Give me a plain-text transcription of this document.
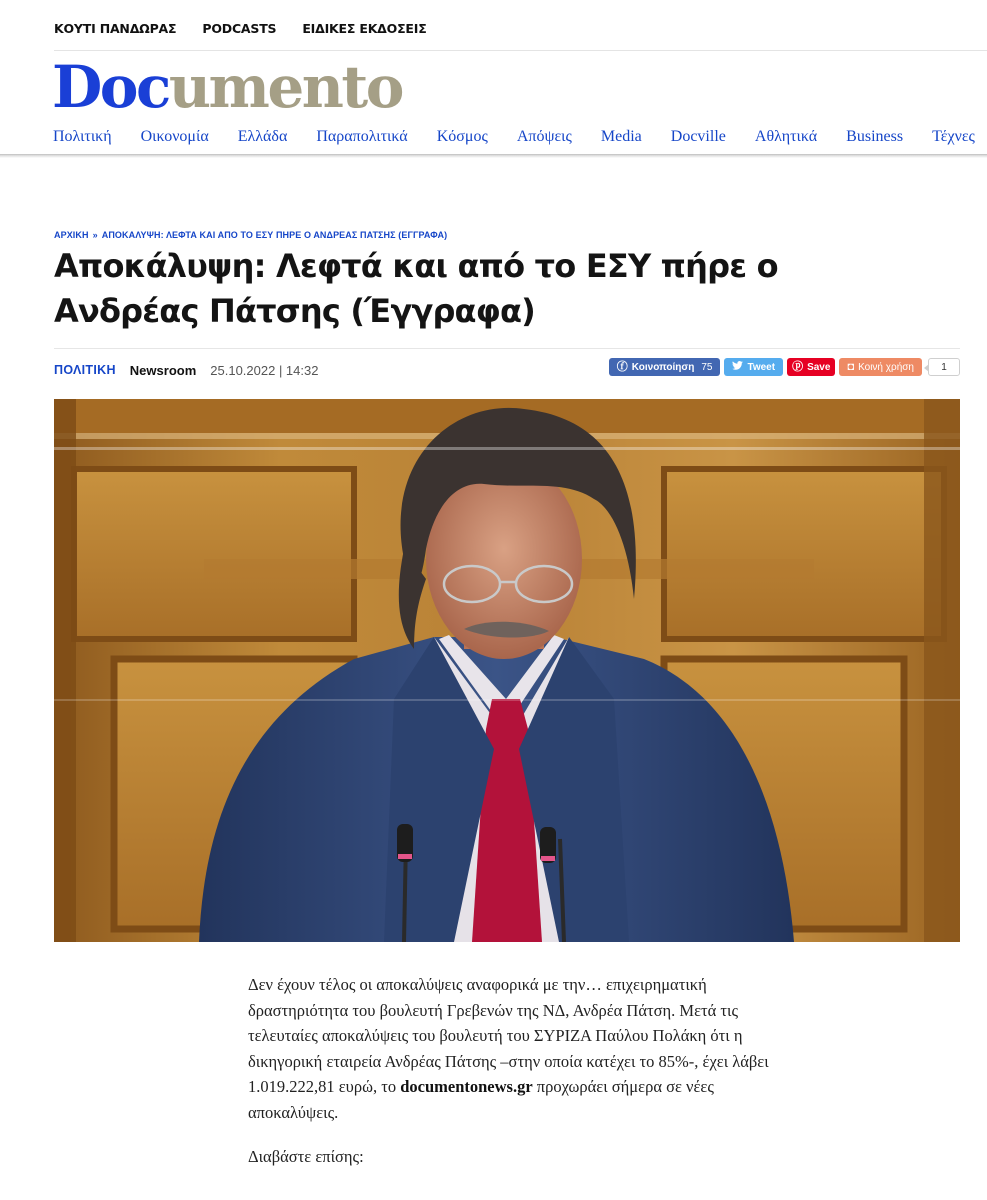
ΚΟΥΤΙ ΠΑΝΔΩΡΑΣ PODCASTS ΕΙΔΙΚΕΣ ΕΚΔΟΣΕΙΣ
Documento
Πολιτική Οικονομία Ελλάδα Παραπολιτικά Κόσμος Απόψεις Media Docville Αθλητικά Business Τέχνες
ΑΡΧΙΚΗ » ΑΠΟΚΑΛΥΨΗ: ΛΕΦΤΑ ΚΑΙ ΑΠΟ ΤΟ ΕΣΥ ΠΗΡΕ Ο ΑΝΔΡΕΑΣ ΠΑΤΣΗΣ (ΕΓΓΡΑΦΑ)
Αποκάλυψη: Λεφτά και από το ΕΣΥ πήρε ο
Ανδρέας Πάτσης (Έγγραφα)
ΠΟΛΙΤΙΚΗ Newsroom 25.10.2022 | 14:32	ⓕ Κοινοποίηση 75	Tweet ⓟ Save ◘ Κοινή χρήση	1

Δεν έχουν τέλος οι αποκαλύψεις αναφορικά με την… επιχειρηματική δραστηριότητα του βουλευτή Γρεβενών της ΝΔ, Ανδρέα Πάτση. Μετά τις τελευταίες αποκαλύψεις του βουλευτή του ΣΥΡΙΖΑ Παύλου Πολάκη ότι η δικηγορική εταιρεία Ανδρέας Πάτσης –στην οποία κατέχει το 85%-, έχει λάβει 1.019.222,81 ευρώ, το documentonews.gr προχωράει σήμερα σε νέες αποκαλύψεις.

Διαβάστε επίσης:
